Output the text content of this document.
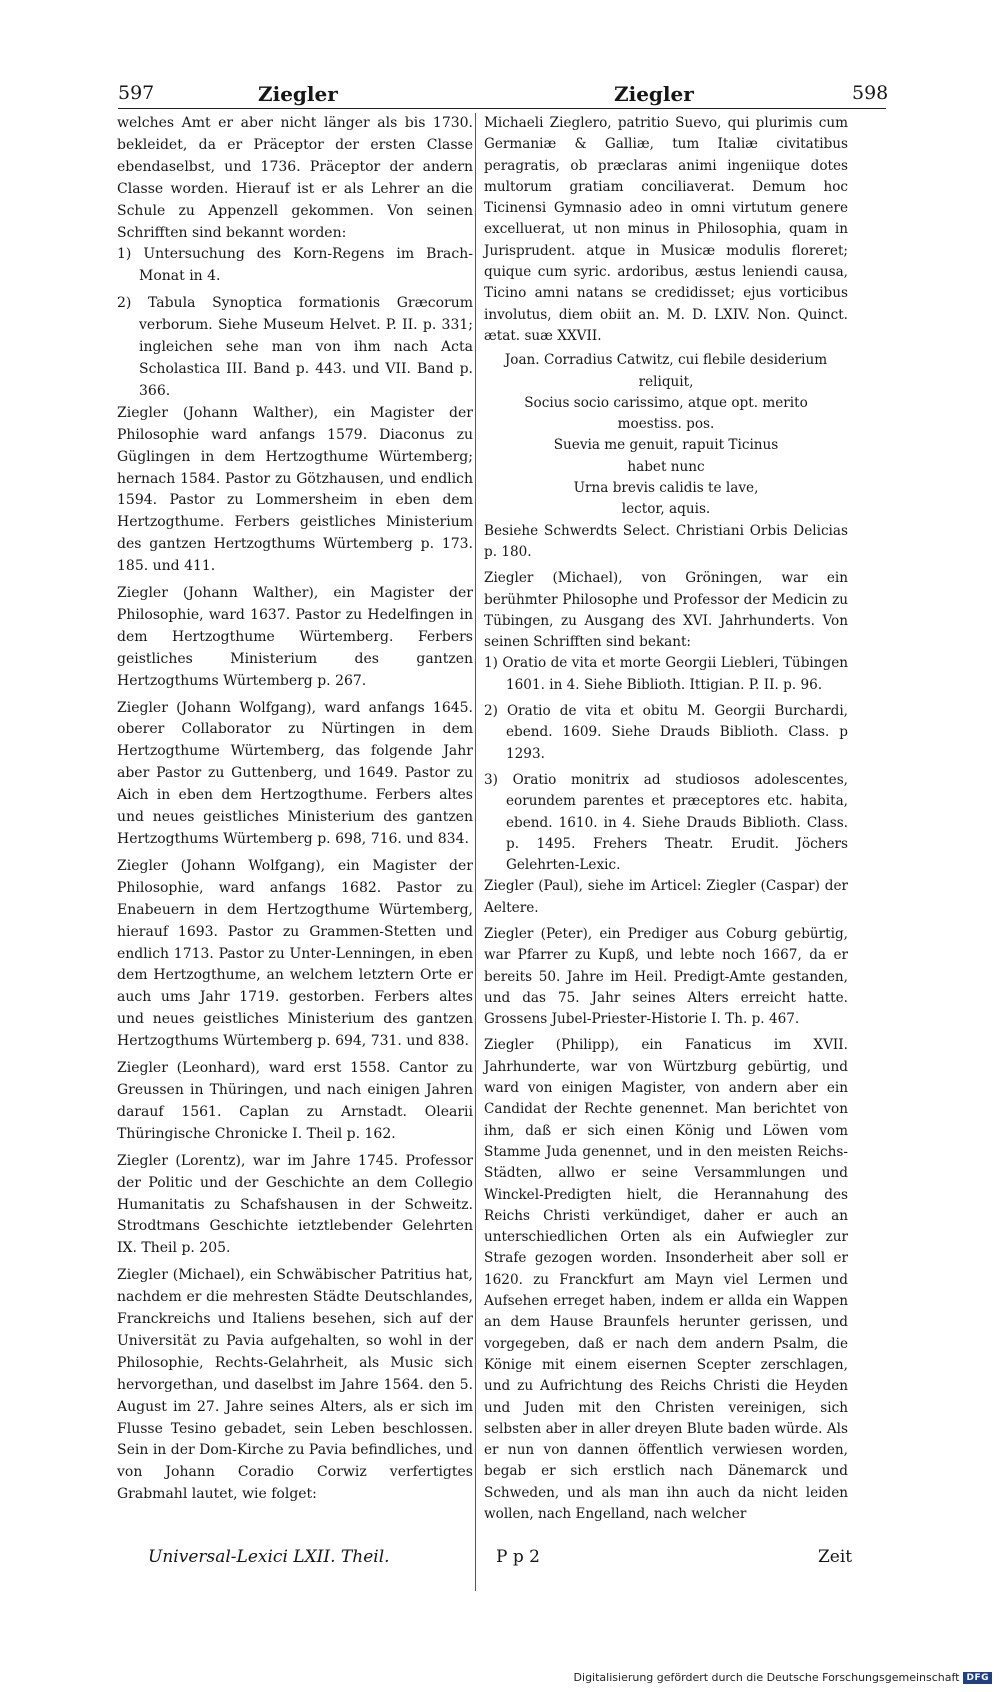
597	Ziegler	Ziegler	598

welches Amt er aber nicht länger als bis 1730. bekleidet, da er Präceptor der ersten Classe ebendaselbst, und 1736. Präceptor der andern Classe worden. Hierauf ist er als Lehrer an die Schule zu Appenzell gekommen. Von seinen Schrifften sind bekannt worden:

1) Untersuchung des Korn-Regens im Brach-Monat in 4.

2) Tabula Synoptica formationis Græcorum verborum. Siehe Museum Helvet. P. II. p. 331; ingleichen sehe man von ihm nach Acta Scholastica III. Band p. 443. und VII. Band p. 366.

Ziegler (Johann Walther), ein Magister der Philosophie ward anfangs 1579. Diaconus zu Güglingen in dem Hertzogthume Würtemberg; hernach 1584. Pastor zu Götzhausen, und endlich 1594. Pastor zu Lommersheim in eben dem Hertzogthume. Ferbers geistliches Ministerium des gantzen Hertzogthums Würtemberg p. 173. 185. und 411.

Ziegler (Johann Walther), ein Magister der Philosophie, ward 1637. Pastor zu Hedelfingen in dem Hertzogthume Würtemberg. Ferbers geistliches Ministerium des gantzen Hertzogthums Würtemberg p. 267.

Ziegler (Johann Wolfgang), ward anfangs 1645. oberer Collaborator zu Nürtingen in dem Hertzogthume Würtemberg, das folgende Jahr aber Pastor zu Guttenberg, und 1649. Pastor zu Aich in eben dem Hertzogthume. Ferbers altes und neues geistliches Ministerium des gantzen Hertzogthums Würtemberg p. 698, 716. und 834.

Ziegler (Johann Wolfgang), ein Magister der Philosophie, ward anfangs 1682. Pastor zu Enabeuern in dem Hertzogthume Würtemberg, hierauf 1693. Pastor zu Grammen-Stetten und endlich 1713. Pastor zu Unter-Lenningen, in eben dem Hertzogthume, an welchem letztern Orte er auch ums Jahr 1719. gestorben. Ferbers altes und neues geistliches Ministerium des gantzen Hertzogthums Würtemberg p. 694, 731. und 838.

Ziegler (Leonhard), ward erst 1558. Cantor zu Greussen in Thüringen, und nach einigen Jahren darauf 1561. Caplan zu Arnstadt. Olearii Thüringische Chronicke I. Theil p. 162.

Ziegler (Lorentz), war im Jahre 1745. Professor der Politic und der Geschichte an dem Collegio Humanitatis zu Schafshausen in der Schweitz. Strodtmans Geschichte ietztlebender Gelehrten IX. Theil p. 205.

Ziegler (Michael), ein Schwäbischer Patritius hat, nachdem er die mehresten Städte Deutschlandes, Franckreichs und Italiens besehen, sich auf der Universität zu Pavia aufgehalten, so wohl in der Philosophie, Rechts-Gelahrheit, als Music sich hervorgethan, und daselbst im Jahre 1564. den 5. August im 27. Jahre seines Alters, als er sich im Flusse Tesino gebadet, sein Leben beschlossen. Sein in der Dom-Kirche zu Pavia befindliches, und von Johann Coradio Corwiz verfertigtes Grabmahl lautet, wie folget:

Michaeli Zieglero, patritio Suevo, qui plurimis cum Germaniæ & Galliæ, tum Italiæ civitatibus peragratis, ob præclaras animi ingeniique dotes multorum gratiam conciliaverat. Demum hoc Ticinensi Gymnasio adeo in omni virtutum genere excelluerat, ut non minus in Philosophia, quam in Jurisprudent. atque in Musicæ modulis floreret; quique cum syric. ardoribus, æstus leniendi causa, Ticino amni natans se credidisset; ejus vorticibus involutus, diem obiit an. M. D. LXIV. Non. Quinct. ætat. suæ XXVII.

Joan. Corradius Catwitz, cui flebile desiderium

reliquit,

Socius socio carissimo, atque opt. merito

moestiss. pos.

Suevia me genuit, rapuit Ticinus

habet nunc

Urna brevis calidis te lave,

lector, aquis.

Besiehe Schwerdts Select. Christiani Orbis Delicias p. 180.

Ziegler (Michael), von Gröningen, war ein berühmter Philosophe und Professor der Medicin zu Tübingen, zu Ausgang des XVI. Jahrhunderts. Von seinen Schrifften sind bekant:

1) Oratio de vita et morte Georgii Liebleri, Tübingen 1601. in 4. Siehe Biblioth. Ittigian. P. II. p. 96.

2) Oratio de vita et obitu M. Georgii Burchardi, ebend. 1609. Siehe Drauds Biblioth. Class. p 1293.

3) Oratio monitrix ad studiosos adolescentes, eorundem parentes et præceptores etc. habita, ebend. 1610. in 4. Siehe Drauds Biblioth. Class. p. 1495. Frehers Theatr. Erudit. Jöchers Gelehrten-Lexic.

Ziegler (Paul), siehe im Articel: Ziegler (Caspar) der Aeltere.

Ziegler (Peter), ein Prediger aus Coburg gebürtig, war Pfarrer zu Kupß, und lebte noch 1667, da er bereits 50. Jahre im Heil. Predigt-Amte gestanden, und das 75. Jahr seines Alters erreicht hatte. Grossens Jubel-Priester-Historie I. Th. p. 467.

Ziegler (Philipp), ein Fanaticus im XVII. Jahrhunderte, war von Würtzburg gebürtig, und ward von einigen Magister, von andern aber ein Candidat der Rechte genennet. Man berichtet von ihm, daß er sich einen König und Löwen vom Stamme Juda genennet, und in den meisten Reichs-Städten, allwo er seine Versammlungen und Winckel-Predigten hielt, die Herannahung des Reichs Christi verkündiget, daher er auch an unterschiedlichen Orten als ein Aufwiegler zur Strafe gezogen worden. Insonderheit aber soll er 1620. zu Franckfurt am Mayn viel Lermen und Aufsehen erreget haben, indem er allda ein Wappen an dem Hause Braunfels herunter gerissen, und vorgegeben, daß er nach dem andern Psalm, die Könige mit einem eisernen Scepter zerschlagen, und zu Aufrichtung des Reichs Christi die Heyden und Juden mit den Christen vereinigen, sich selbsten aber in aller dreyen Blute baden würde. Als er nun von dannen öffentlich verwiesen worden, begab er sich erstlich nach Dänemarck und Schweden, und als man ihn auch da nicht leiden wollen, nach Engelland, nach welcher

Universal-Lexici LXII. Theil.	P p 2	Zeit
Digitalisierung gefördert durch die Deutsche Forschungsgemeinschaft DFG
